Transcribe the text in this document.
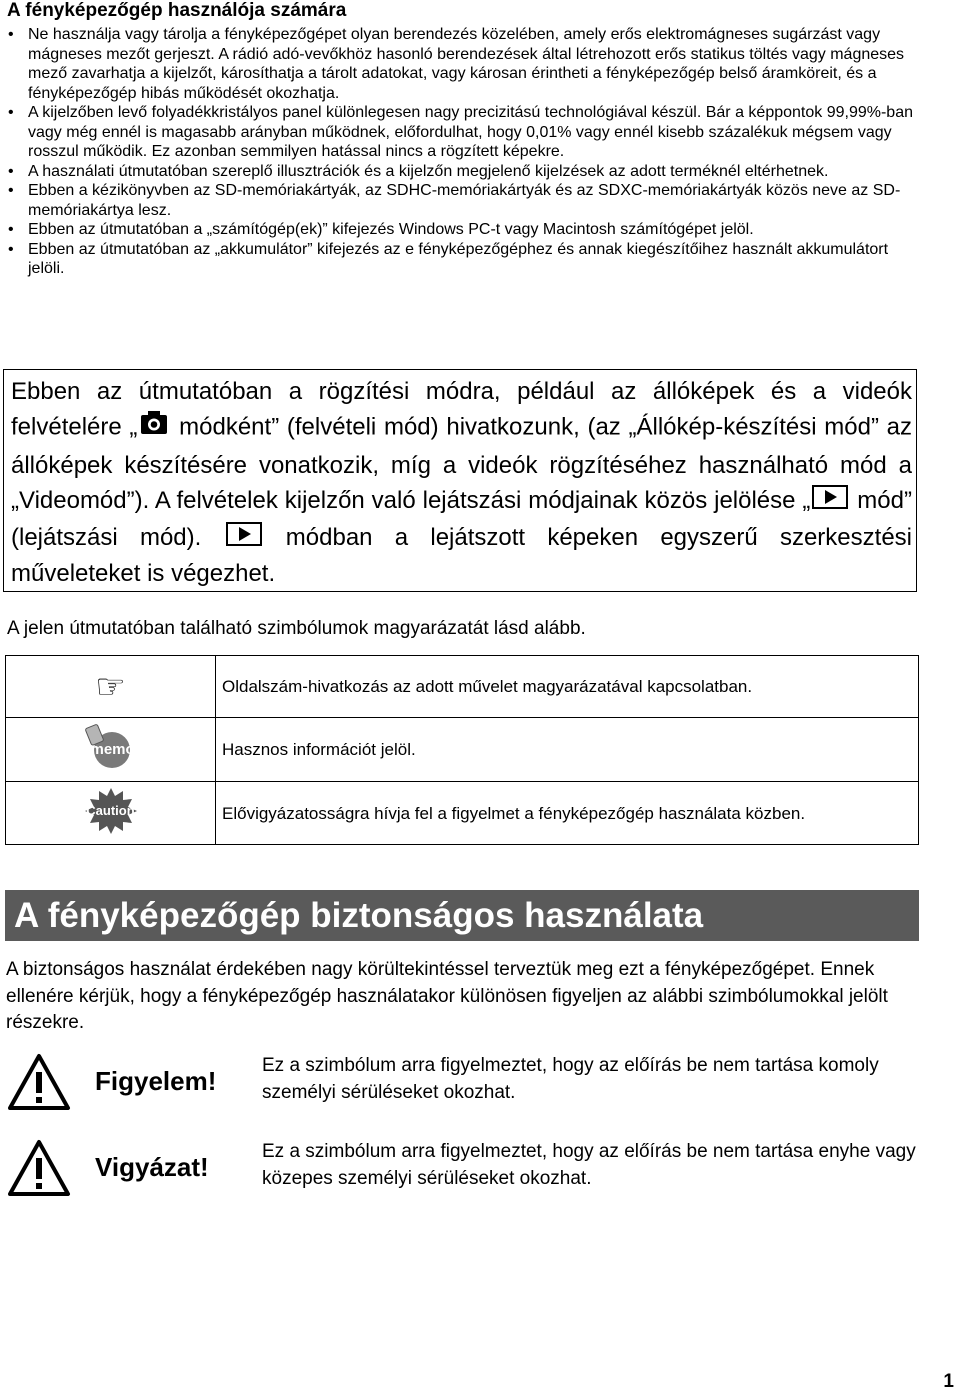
A fényképezőgép használója számára
• Ne használja vagy tárolja a fényképezőgépet olyan berendezés közelében, amely erős elektromágneses sugárzást vagy mágneses mezőt gerjeszt. A rádió adó-vevőkhöz hasonló berendezések által létrehozott erős statikus töltés vagy mágneses mező zavarhatja a kijelzőt, károsíthatja a tárolt adatokat, vagy károsan érintheti a fényképezőgép belső áramköreit, és a fényképezőgép hibás működését okozhatja.
• A kijelzőben levő folyadékkristályos panel különlegesen nagy precizitású technológiával készül. Bár a képpontok 99,99%-ban vagy még ennél is magasabb arányban működnek, előfordulhat, hogy 0,01% vagy ennél kisebb százalékuk mégsem vagy rosszul működik. Ez azonban semmilyen hatással nincs a rögzített képekre.
• A használati útmutatóban szereplő illusztrációk és a kijelzőn megjelenő kijelzések az adott terméknél eltérhetnek.
• Ebben a kézikönyvben az SD-memóriakártyák, az SDHC-memóriakártyák és az SDXC-memóriakártyák közös neve az SD-memóriakártya lesz.
• Ebben az útmutatóban a „számítógép(ek)” kifejezés Windows PC-t vagy Macintosh számítógépet jelöl.
• Ebben az útmutatóban az „akkumulátor” kifejezés az e fényképezőgéphez és annak kiegészítőihez használt akkumulátort jelöli.
Ebben az útmutatóban a rögzítési módra, például az állóképek és a videók felvételére „ módként” (felvételi mód) hivatkozunk, (az „Állókép-készítési mód” az állóképek készítésére vonatkozik, míg a videók rögzítéséhez használható mód a „Videomód”). A felvételek kijelzőn való lejátszási módjainak közös jelölése „ mód” (lejátszási mód).  módban a lejátszott képeken egyszerű szerkesztési műveleteket is végezhet.

A jelen útmutatóban található szimbólumok magyarázatát lásd alább.

☞	Oldalszám-hivatkozás az adott művelet magyarázatával kapcsolatban.

memo	Hasznos információt jelöl.

Caution	Elővigyázatosságra hívja fel a figyelmet a fényképezőgép használata közben.
A fényképezőgép biztonságos használata

A biztonságos használat érdekében nagy körültekintéssel terveztük meg ezt a fényképezőgépet. Ennek ellenére kérjük, hogy a fényképezőgép használatakor különösen figyeljen az alábbi szimbólumokkal jelölt részekre.

Figyelem!
Ez a szimbólum arra figyelmeztet, hogy az előírás be nem tartása komoly személyi sérüléseket okozhat.
Vigyázat!
Ez a szimbólum arra figyelmeztet, hogy az előírás be nem tartása enyhe vagy közepes személyi sérüléseket okozhat.
1
